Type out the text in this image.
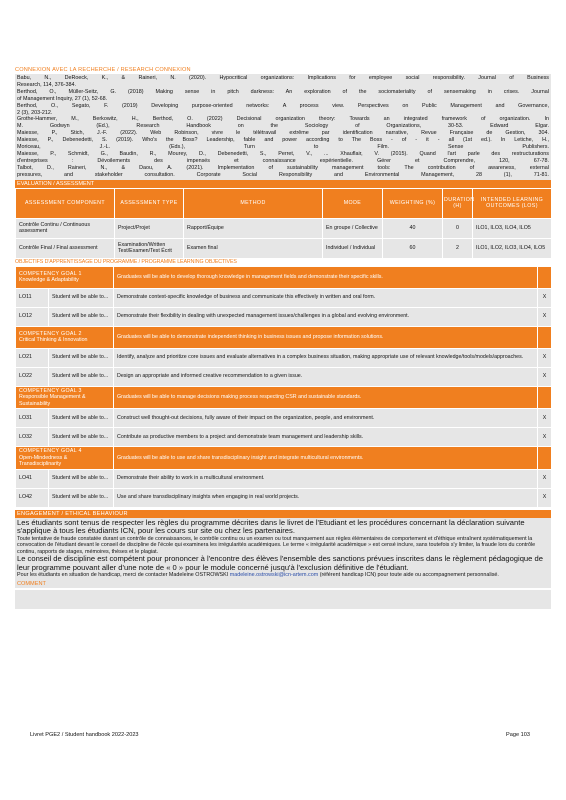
CONNEXION AVEC LA RECHERCHE / RESEARCH CONNEXION
Babu, N., DeRoeck, K., & Raineri, N. (2020). Hypocritical organizations: Implications for employee social responsibility. Journal of Business
Research, 114, 376-384.
Berthod, O., Müller-Seitz, G. (2018) Making sense in pitch darkness: An exploration of the sociomateriality of sensemaking in crises. Journal
of Management Inquiry, 27 (1), 52-68.
Berthod, O., Segato, F. (2019) Developing purpose-oriented networks: A process view. Perspectives on Public Management and Governance,
2 (3), 203-212.
Grothe-Hammer, M., Berkowitz, H., Berthod, O. (2022) Decisional organization theory: Towards an integrated framework of organization. In
M. Godwyn (Ed.), Research Handbook on the Sociology of Organizations, 30-53. Edward Elgar.
Maiesse, P., Stich, J.-F. (2022). Web Robinson, vivre le télétravail extrême par identification narrative, Revue Française de Gestion, 304.
Maiesse, P., Debenedetti, S. (2019). Who's the Boss? Leadership, fable and power according to The Boss - of - it - all (1st ed.). In Letiche, H.,
Moriceau, J.-L. (Eds.), Turn to Film. Sense Publishers.
Maiesse, P., Schmidt, G., Baudin, R., Mourey, D., Debenedetti, S., Perret, V., ... Xhauflair, V. (2015). Quand l'art parle des restructurations
d'entreprises : Dévoilements des impensés et connaissance expérientielle. Gérer et Comprendre, 120, 67-78.
Talbot, D., Raineri, N., & Daou, A. (2021). Implementation of sustainability management tools: The contribution of awareness, external
pressures, and stakeholder consultation. Corporate Social Responsibility and Environmental Management, 28 (1), 71-81.
EVALUATION / ASSESSMENT
ASSESSMENT COMPONENT	ASSESSMENT TYPE	METHOD	MODE	WEIGHTING (%)	DURATION (H)	INTENDED LEARNING OUTCOMES (LOS)
Contrôle Continu / Continuous assessment	Project/Projet	Rapport/Équipe	En groupe / Collective	40	0	ILO1, ILO3, ILO4, ILO5
Contrôle Final / Final assessment	Examination/Written Test/Examen/Test Écrit	Examen final	Individuel / Individual	60	2	ILO1, ILO2, ILO3, ILO4, ILO5
OBJECTIFS D'APPRENTISSAGE DU PROGRAMME / PROGRAMME LEARNING OBJECTIVES
COMPETENCY GOAL 1
Knowledge & Adaptability		Graduates will be able to develop thorough knowledge in management fields and demonstrate their specific skills.	
LO11	Student will be able to...	Demonstrate context-specific knowledge of business and communicate this effectively in written and oral form.	X
LO12	Student will be able to...	Demonstrate their flexibility in dealing with unexpected management issues/challenges in a global and evolving environment.	X

COMPETENCY GOAL 2
Critical Thinking & Innovation		Graduates will be able to demonstrate independent thinking in business issues and propose information solutions.	
LO21	Student will be able to...	Identify, analyze and prioritize core issues and evaluate alternatives in a complex business situation, making appropriate use of relevant knowledge/tools/models/approaches.	X
LO22	Student will be able to...	Design an appropriate and informed creative recommendation to a given issue.	X

COMPETENCY GOAL 3
Responsible Management & Sustainability		Graduates will be able to manage decisions making process respecting CSR and sustainable standards.	
LO31	Student will be able to...	Construct well thought-out decisions, fully aware of their impact on the organization, people, and environment.	X
LO32	Student will be able to...	Contribute as productive members to a project and demonstrate team management and leadership skills.	X

COMPETENCY GOAL 4
Open-Mindedness & Transdisciplinarity		Graduates will be able to use and share transdisciplinary insight and integrate multicultural environments.	
LO41	Student will be able to...	Demonstrate their ability to work in a multicultural environment.	X
LO42	Student will be able to...	Use and share transdisciplinary insights when engaging in real world projects.	X
ENGAGEMENT / ETHICAL BEHAVIOUR

Les étudiants sont tenus de respecter les règles du programme décrites dans le livret de l'Etudiant et les procédures concernant la déclaration suivante s'applique à tous les étudiants ICN, pour les cours sur site ou chez les partenaires.

Toute tentative de fraude constatée durant un contrôle de connaissances, le contrôle continu ou un examen ou tout manquement aux règles élémentaires de comportement et d'éthique entraînent systématiquement la convocation de l'étudiant devant le conseil de discipline de l'école qui examinera les irrégularités académiques. Le terme « irrégularité académique » est censé inclure, sans toutefois s'y limiter, la fraude lors du contrôle continu, rapports de stages, mémoires, thèses et le plagiat.

Le conseil de discipline est compétent pour prononcer à l'encontre des élèves l'ensemble des sanctions prévues inscrites dans le règlement pédagogique de leur programme pouvant aller d'une note de « 0 » pour le module concerné jusqu'à l'exclusion définitive de l'étudiant.

Pour les étudiants en situation de handicap, merci de contacter Madeleine OSTROWSKI madeleine.ostrowski@icn-artem.com (référent handicap ICN) pour toute aide ou accompagnement personnalisé.

COMMENT
Livret PGE2 / Student handbook 2022-2023	Page 103
